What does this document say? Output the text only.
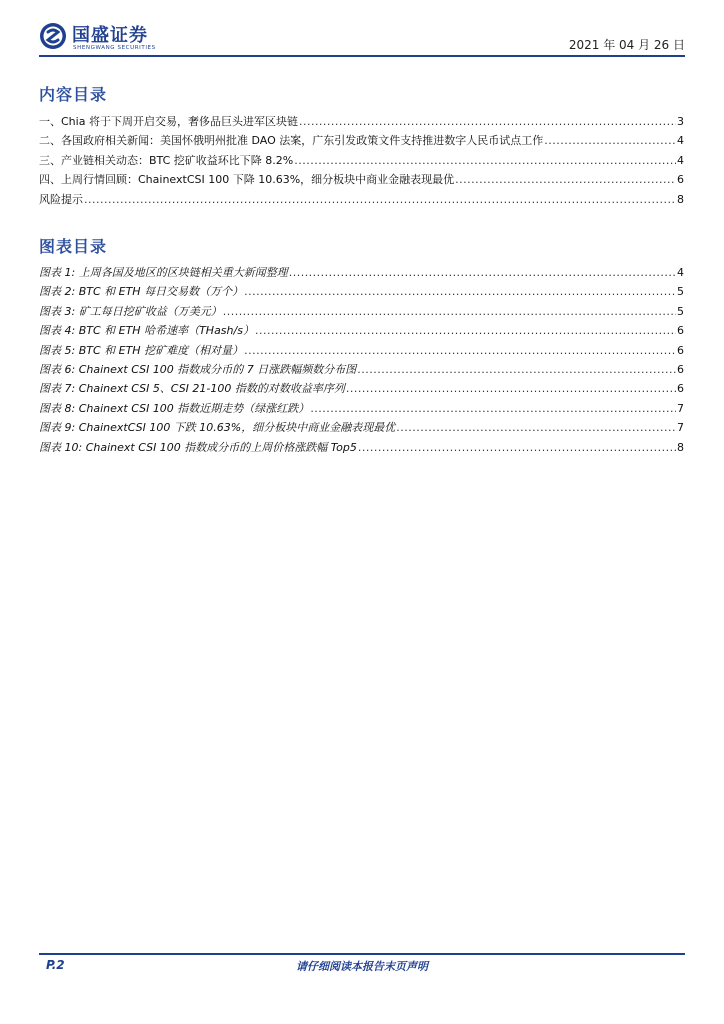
国盛证券
SHENGWANG SECURITIES	2021 年 04 月 26 日
内容目录
一、Chia 将于下周开启交易，奢侈品巨头进军区块链 .....	3
二、各国政府相关新闻：美国怀俄明州批准 DAO 法案，广东引发政策文件支持推进数字人民币试点工作 .....	4
三、产业链相关动态：BTC 挖矿收益环比下降 8.2% .....	4
四、上周行情回顾：ChainextCSI 100 下降 10.63%，细分板块中商业金融表现最优 .....	6
风险提示 .....	8
图表目录
图表 1: 上周各国及地区的区块链相关重大新闻整理 .....	4
图表 2: BTC 和 ETH 每日交易数（万个） .....	5
图表 3: 矿工每日挖矿收益（万美元） .....	5
图表 4: BTC 和 ETH 哈希速率（THash/s） .....	6
图表 5: BTC 和 ETH 挖矿难度（相对量） .....	6
图表 6: Chainext CSI 100 指数成分币的 7 日涨跌幅频数分布图 .....	6
图表 7: Chainext CSI 5、CSI 21-100 指数的对数收益率序列 .....	6
图表 8: Chainext CSI 100 指数近期走势（绿涨红跌） .....	7
图表 9: ChainextCSI 100 下跌 10.63%，细分板块中商业金融表现最优 .....	7
图表 10: Chainext CSI 100 指数成分币的上周价格涨跌幅 Top5 .....	8
P.2	请仔细阅读本报告末页声明
